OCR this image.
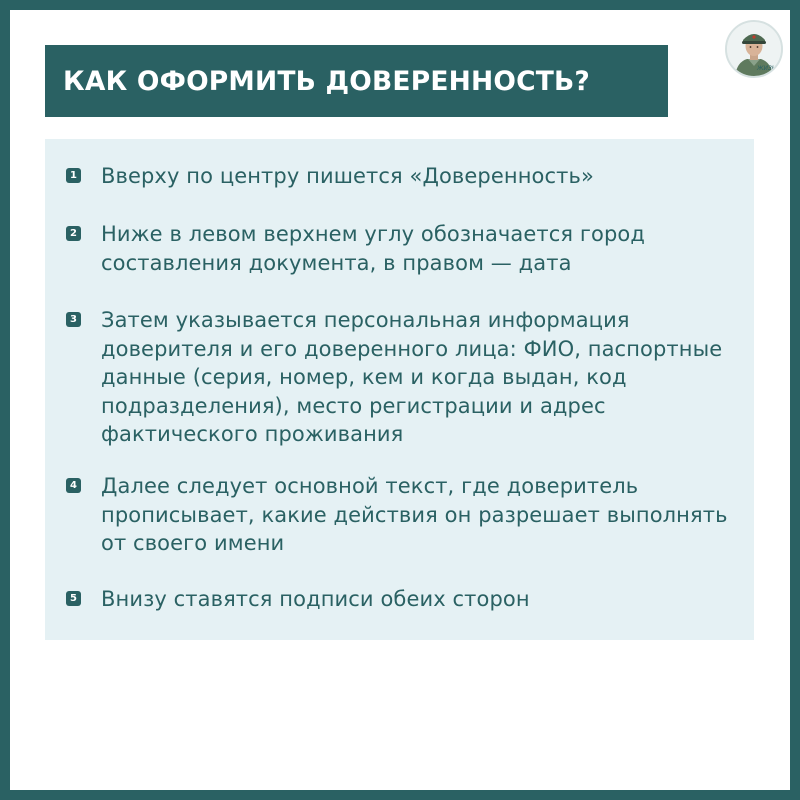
ЖИЗНЬ
КАК ОФОРМИТЬ ДОВЕРЕННОСТЬ?
1 Вверху по центру пишется «Доверенность»
2 Ниже в левом верхнем углу обозначается город составления документа, в правом — дата
3 Затем указывается персональная информация доверителя и его доверенного лица: ФИО, паспортные данные (серия, номер, кем и когда выдан, код подразделения), место регистрации и адрес фактического проживания
4 Далее следует основной текст, где доверитель прописывает, какие действия он разрешает выполнять от своего имени
5 Внизу ставятся подписи обеих сторон
